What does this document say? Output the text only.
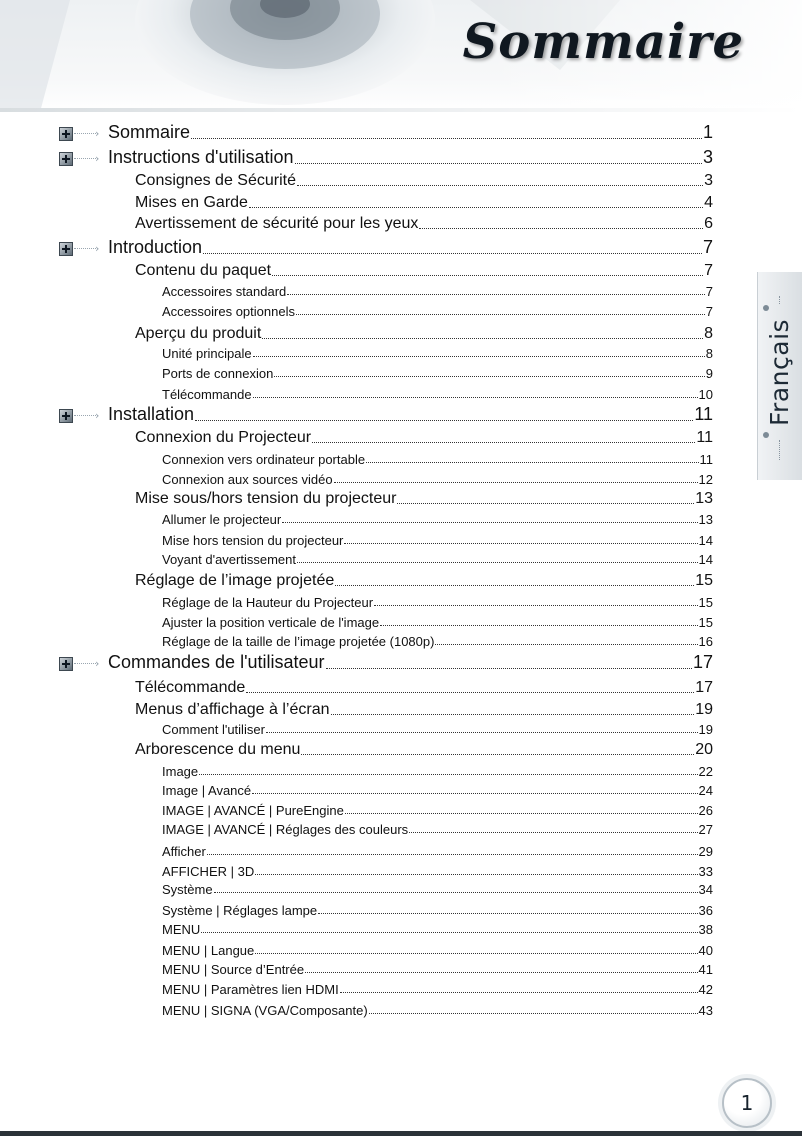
Sommaire
Français
› Sommaire	1
› Instructions d'utilisation	3
Consignes de Sécurité	3
Mises en Garde	4
Avertissement de sécurité pour les yeux	6
› Introduction	7
Contenu du paquet	7
Accessoires standard	7
Accessoires optionnels	7
Aperçu du produit	8
Unité principale	8
Ports de connexion	9
Télécommande	10
› Installation	11
Connexion du Projecteur	11
Connexion vers ordinateur portable	11
Connexion aux sources vidéo	12
Mise sous/hors tension du projecteur	13
Allumer le projecteur	13
Mise hors tension du projecteur	14
Voyant d'avertissement	14
Réglage de l’image projetée	15
Réglage de la Hauteur du Projecteur	15
Ajuster la position verticale de l'image	15
Réglage de la taille de l’image projetée (1080p)	16
› Commandes de l'utilisateur	17
Télécommande	17
Menus d’affichage à l’écran	19
Comment l'utiliser	19
Arborescence du menu	20
Image	22
Image | Avancé	24
IMAGE | AVANCÉ | PureEngine	26
IMAGE | AVANCÉ | Réglages des couleurs	27
Afficher	29
AFFICHER | 3D	33
Système	34
Système | Réglages lampe	36
MENU	38
MENU | Langue	40
MENU | Source d’Entrée	41
MENU | Paramètres lien HDMI	42
MENU | SIGNA (VGA/Composante)	43
1
